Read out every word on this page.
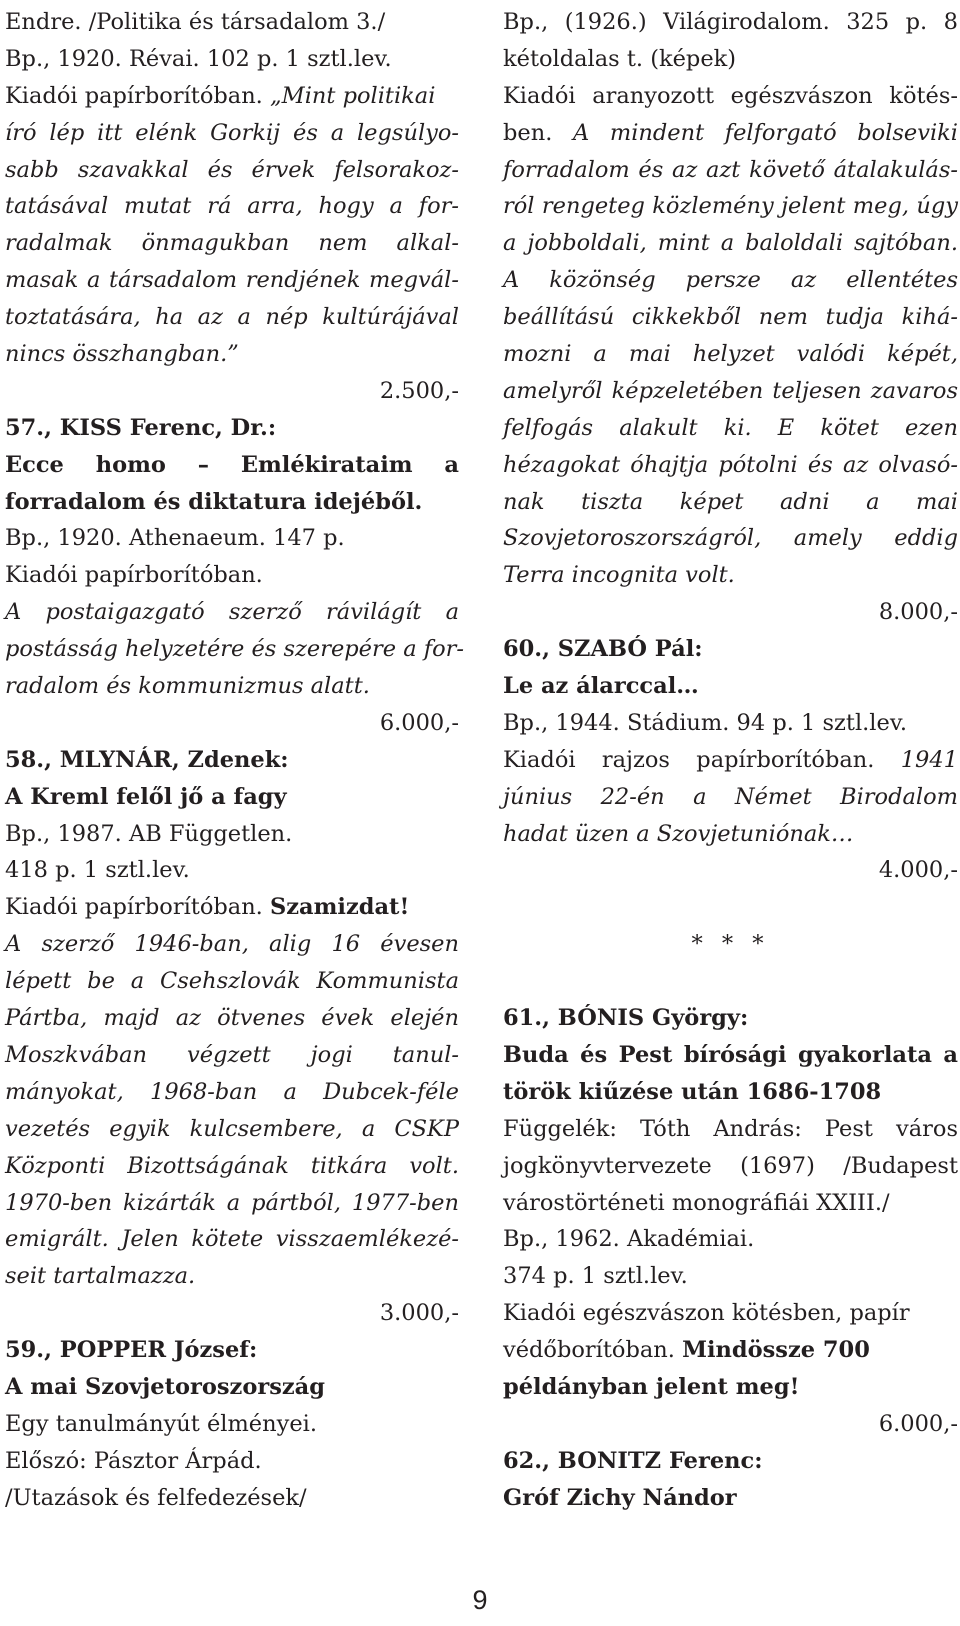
Endre. /Politika és társadalom 3./
Bp., 1920. Révai. 102 p. 1 sztl.lev.
Kiadói papírborítóban. „Mint politikai
író lép itt elénk Gorkij és a legsúlyo-
sabb szavakkal és érvek felsorakoz-
tatásával mutat rá arra, hogy a for-
radalmak önmagukban nem alkal-
masak a társadalom rendjének megvál-
toztatására, ha az a nép kultúrájával
nincs összhangban.”
2.500,-
57., KISS Ferenc, Dr.:
Ecce homo – Emlékirataim a
forradalom és diktatura idejéből.
Bp., 1920. Athenaeum. 147 p.
Kiadói papírborítóban.
A postaigazgató szerző rávilágít a
postásság helyzetére és szerepére a for-
radalom és kommunizmus alatt.
6.000,-
58., MLYNÁR, Zdenek:
A Kreml felől jő a fagy
Bp., 1987. AB Független.
418 p. 1 sztl.lev.
Kiadói papírborítóban. Szamizdat!
A szerző 1946-ban, alig 16 évesen
lépett be a Csehszlovák Kommunista
Pártba, majd az ötvenes évek elején
Moszkvában végzett jogi tanul-
mányokat, 1968-ban a Dubcek-féle
vezetés egyik kulcsembere, a CSKP
Központi Bizottságának titkára volt.
1970-ben kizárták a pártból, 1977-ben
emigrált. Jelen kötete visszaemlékezé-
seit tartalmazza.
3.000,-
59., POPPER József:
A mai Szovjetoroszország
Egy tanulmányút élményei.
Előszó: Pásztor Árpád.
/Utazások és felfedezések/
Bp., (1926.) Világirodalom. 325 p. 8
kétoldalas t. (képek)
Kiadói aranyozott egészvászon kötés-
ben. A mindent felforgató bolseviki
forradalom és az azt követő átalakulás-
ról rengeteg közlemény jelent meg, úgy
a jobboldali, mint a baloldali sajtóban.
A közönség persze az ellentétes
beállítású cikkekből nem tudja kihá-
mozni a mai helyzet valódi képét,
amelyről képzeletében teljesen zavaros
felfogás alakult ki. E kötet ezen
hézagokat óhajtja pótolni és az olvasó-
nak tiszta képet adni a mai
Szovjetoroszországról, amely eddig
Terra incognita volt.
8.000,-
60., SZABÓ Pál:
Le az álarccal…
Bp., 1944. Stádium. 94 p. 1 sztl.lev.
Kiadói rajzos papírborítóban. 1941
június 22-én a Német Birodalom
hadat üzen a Szovjetuniónak…
4.000,-
* * *
61., BÓNIS György:
Buda és Pest bírósági gyakorlata a
török kiűzése után 1686-1708
Függelék: Tóth András: Pest város
jogkönyvtervezete (1697) /Budapest
várostörténeti monográfiái XXIII./
Bp., 1962. Akadémiai.
374 p. 1 sztl.lev.
Kiadói egészvászon kötésben, papír
védőborítóban. Mindössze 700
példányban jelent meg!
6.000,-
62., BONITZ Ferenc:
Gróf Zichy Nándor
9
